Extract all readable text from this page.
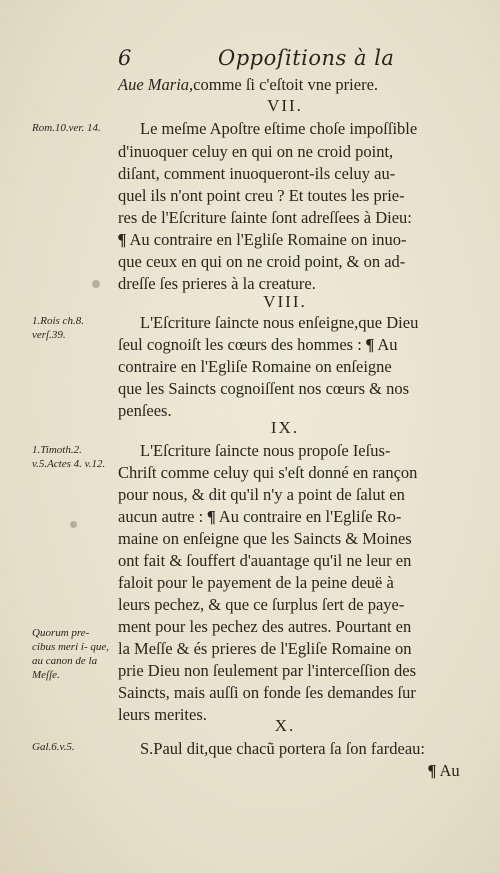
6	Oppoſitions à la
Aue Maria,comme ſi c'eſtoit vne priere.
VII.
Rom.10.ver. 14.	Le meſme Apoſtre eſtime choſe impoſſible
d'inuoquer celuy en qui on ne croid point,
diſant, comment inuoqueront-ils celuy au-
quel ils n'ont point creu ? Et toutes les prie-
res de l'Eſcriture ſainte ſont adreſſees à Dieu:
¶ Au contraire en l'Egliſe Romaine on inuo-
que ceux en qui on ne croid point, & on ad-
dreſſe ſes prieres à la creature.
VIII.
1.Rois ch.8. verſ.39.
L'Eſcriture ſaincte nous enſeigne,que Dieu
ſeul cognoiſt les cœurs des hommes : ¶ Au
contraire en l'Egliſe Romaine on enſeigne
que les Saincts cognoiſſent nos cœurs & nos
penſees.
IX.
1.Timoth.2. v.5.Actes 4. v.12.
L'Eſcriture ſaincte nous propoſe Ieſus-
Chriſt comme celuy qui s'eſt donné en rançon
pour nous, & dit qu'il n'y a point de ſalut en
aucun autre : ¶ Au contraire en l'Egliſe Ro-
maine on enſeigne que les Saincts & Moines
ont fait & ſouffert d'auantage qu'il ne leur en
faloit pour le payement de la peine deuë à
leurs pechez, & que ce ſurplus ſert de paye-
Quorum pre- cibus meri ỉ- que, au canon de la Meſſe.
ment pour les pechez des autres. Pourtant en
la Meſſe & és prieres de l'Egliſe Romaine on
prie Dieu non ſeulement par l'interceſſion des
Saincts, mais auſſi on fonde ſes demandes ſur
leurs merites.
X.
Gal.6.v.5.	S.Paul dit,que chacũ portera ſa ſon fardeau:
¶ Au
